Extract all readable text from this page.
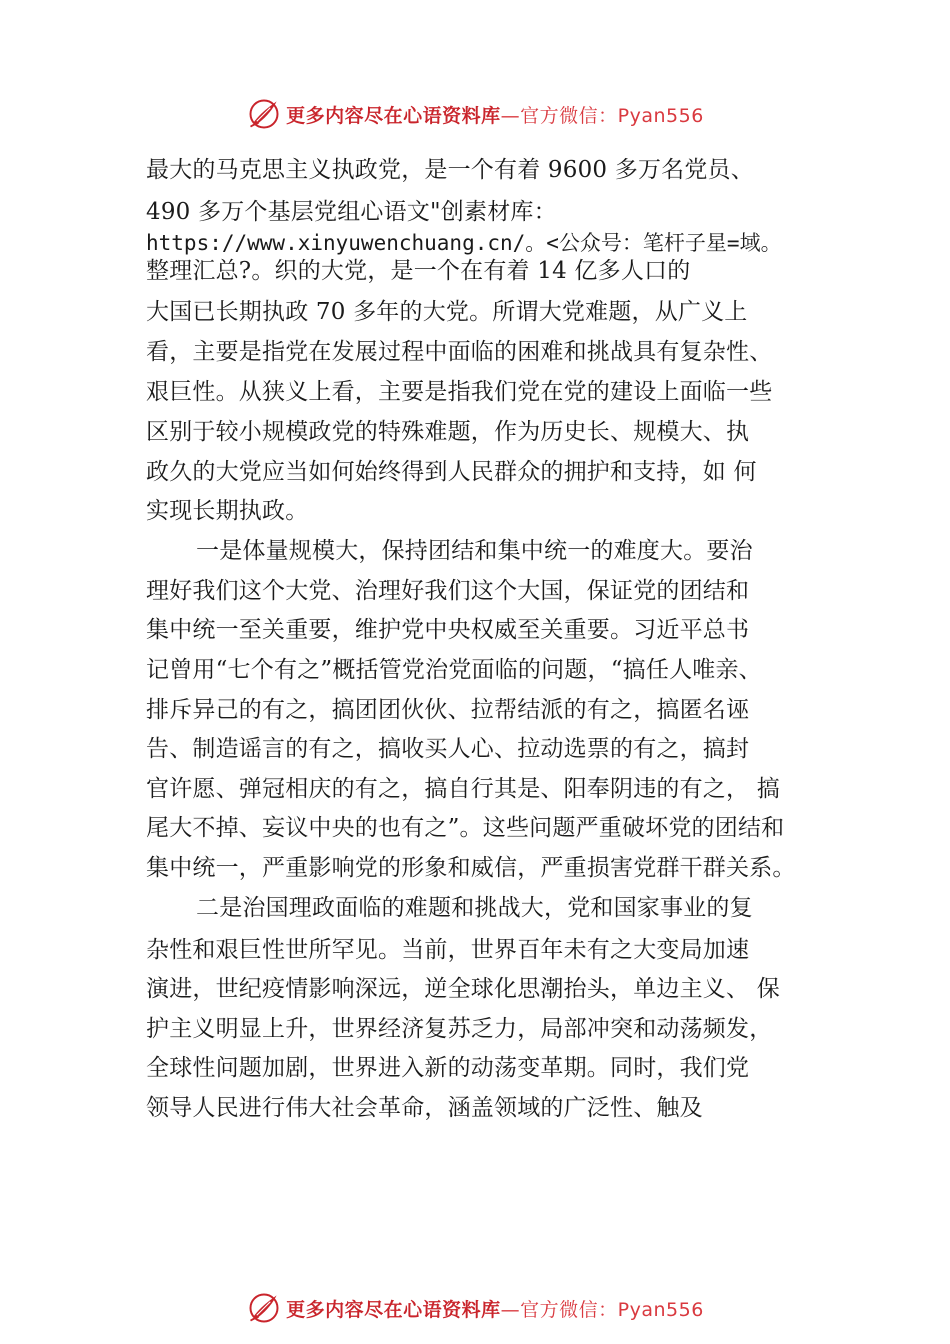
更多内容尽在心语资料库 —官方微信：Pyan556
最大的马克思主义执政党，是一个有着 9600 多万名党员、
490 多万个基层党组心语文"创素材库：
https://www.xinyuwenchuang.cn/。<公众号：笔杆子星=域。
整理汇总?。织的大党，是一个在有着 14 亿多人口的
大国已长期执政 70 多年的大党。所谓大党难题，从广义上
看，主要是指党在发展过程中面临的困难和挑战具有复杂性、
艰巨性。从狭义上看，主要是指我们党在党的建设上面临一些
区别于较小规模政党的特殊难题，作为历史长、规模大、执
政久的大党应当如何始终得到人民群众的拥护和支持，如 何
实现长期执政。
一是体量规模大，保持团结和集中统一的难度大。要治
理好我们这个大党、治理好我们这个大国，保证党的团结和
集中统一至关重要，维护党中央权威至关重要。习近平总书
记曾用“七个有之”概括管党治党面临的问题，“搞任人唯亲、
排斥异己的有之，搞团团伙伙、拉帮结派的有之，搞匿名诬
告、制造谣言的有之，搞收买人心、拉动选票的有之，搞封
官许愿、弹冠相庆的有之，搞自行其是、阳奉阴违的有之， 搞
尾大不掉、妄议中央的也有之”。这些问题严重破坏党的团结和
集中统一，严重影响党的形象和威信，严重损害党群干群关系。
二是治国理政面临的难题和挑战大，党和国家事业的复
杂性和艰巨性世所罕见。当前，世界百年未有之大变局加速
演进，世纪疫情影响深远，逆全球化思潮抬头，单边主义、 保
护主义明显上升，世界经济复苏乏力，局部冲突和动荡频发，
全球性问题加剧，世界进入新的动荡变革期。同时，我们党
领导人民进行伟大社会革命，涵盖领域的广泛性、触及
更多内容尽在心语资料库 —官方微信：Pyan556
